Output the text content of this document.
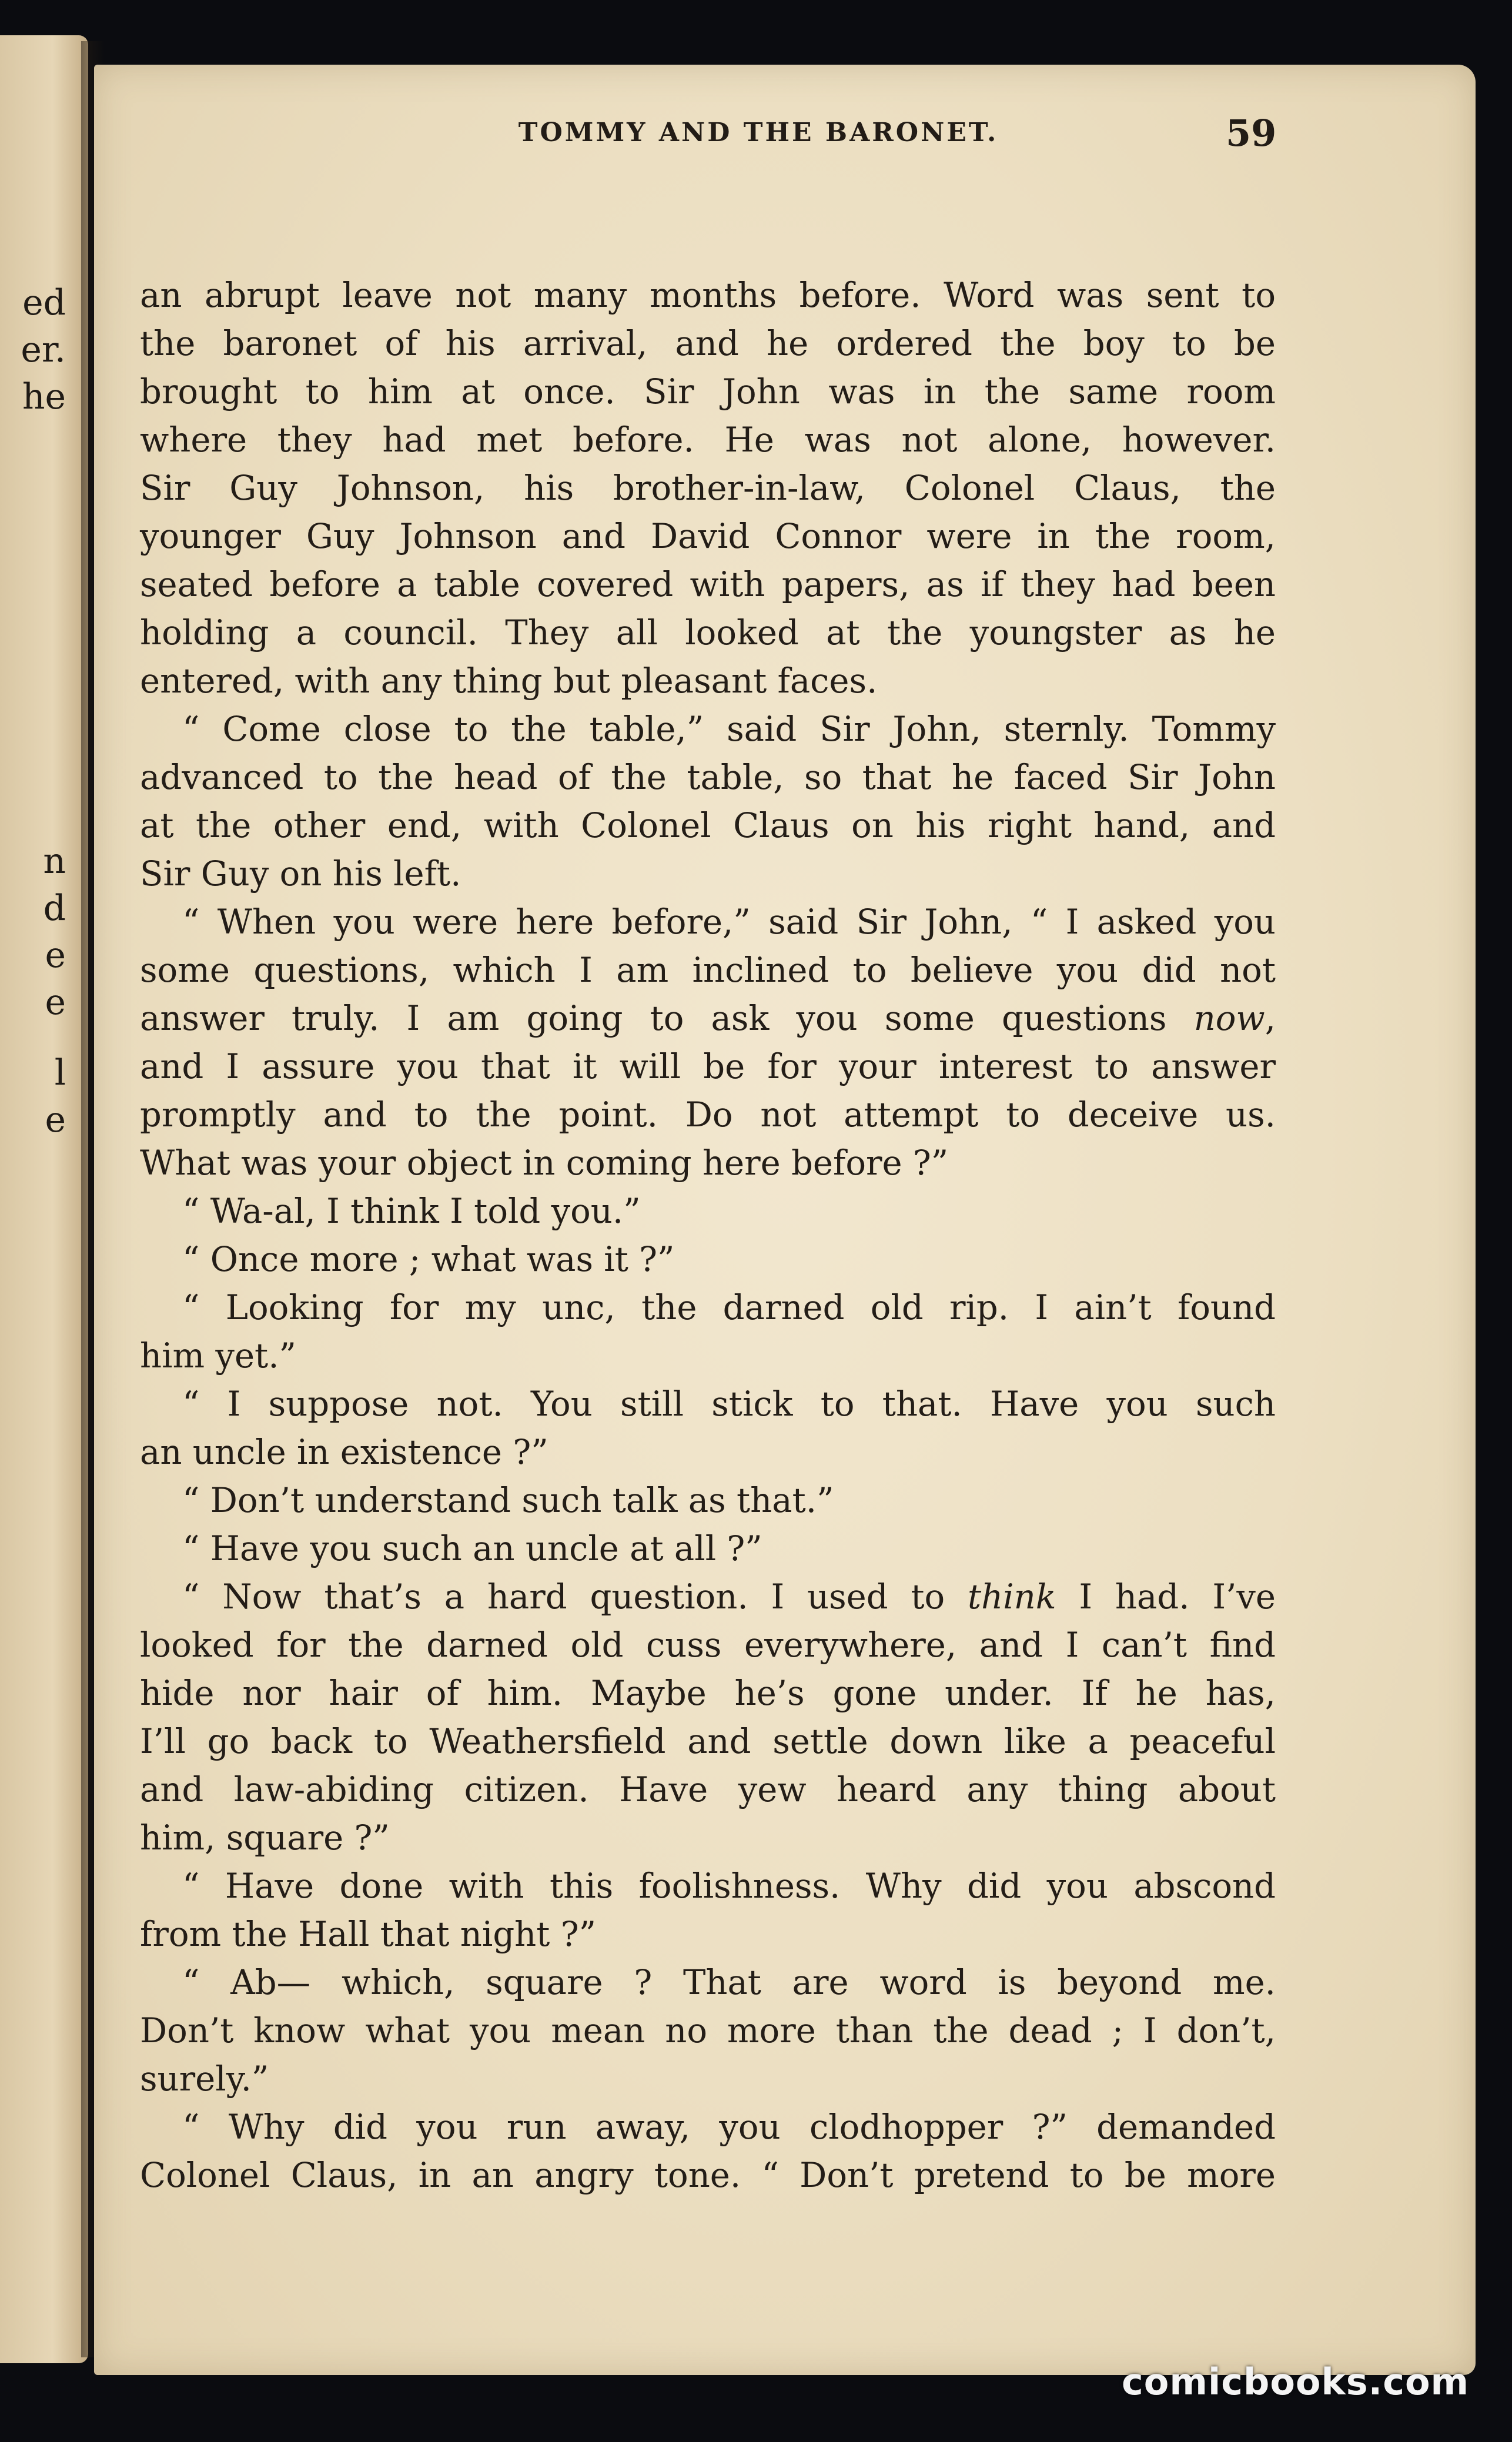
ed
er.
he
n
d
e
e
l
e
TOMMY AND THE BARONET.	59
an abrupt leave not many months before. Word was sent to
the baronet of his arrival, and he ordered the boy to be
brought to him at once. Sir John was in the same room
where they had met before. He was not alone, however.
Sir Guy Johnson, his brother-in-law, Colonel Claus, the
younger Guy Johnson and David Connor were in the room,
seated before a table covered with papers, as if they had been
holding a council. They all looked at the youngster as he
entered, with any thing but pleasant faces.
“ Come close to the table,” said Sir John, sternly. Tommy
advanced to the head of the table, so that he faced Sir John
at the other end, with Colonel Claus on his right hand, and
Sir Guy on his left.
“ When you were here before,” said Sir John, “ I asked you
some questions, which I am inclined to believe you did not
answer truly. I am going to ask you some questions now,
and I assure you that it will be for your interest to answer
promptly and to the point. Do not attempt to deceive us.
What was your object in coming here before ?”
“ Wa-al, I think I told you.”
“ Once more ; what was it ?”
“ Looking for my unc, the darned old rip. I ain’t found
him yet.”
“ I suppose not. You still stick to that. Have you such
an uncle in existence ?”
“ Don’t understand such talk as that.”
“ Have you such an uncle at all ?”
“ Now that’s a hard question. I used to think I had. I’ve
looked for the darned old cuss everywhere, and I can’t find
hide nor hair of him. Maybe he’s gone under. If he has,
I’ll go back to Weathersfield and settle down like a peaceful
and law-abiding citizen. Have yew heard any thing about
him, square ?”
“ Have done with this foolishness. Why did you abscond
from the Hall that night ?”
“ Ab— which, square ? That are word is beyond me.
Don’t know what you mean no more than the dead ; I don’t,
surely.”
“ Why did you run away, you clodhopper ?” demanded
Colonel Claus, in an angry tone. “ Don’t pretend to be more
comicbooks.com
